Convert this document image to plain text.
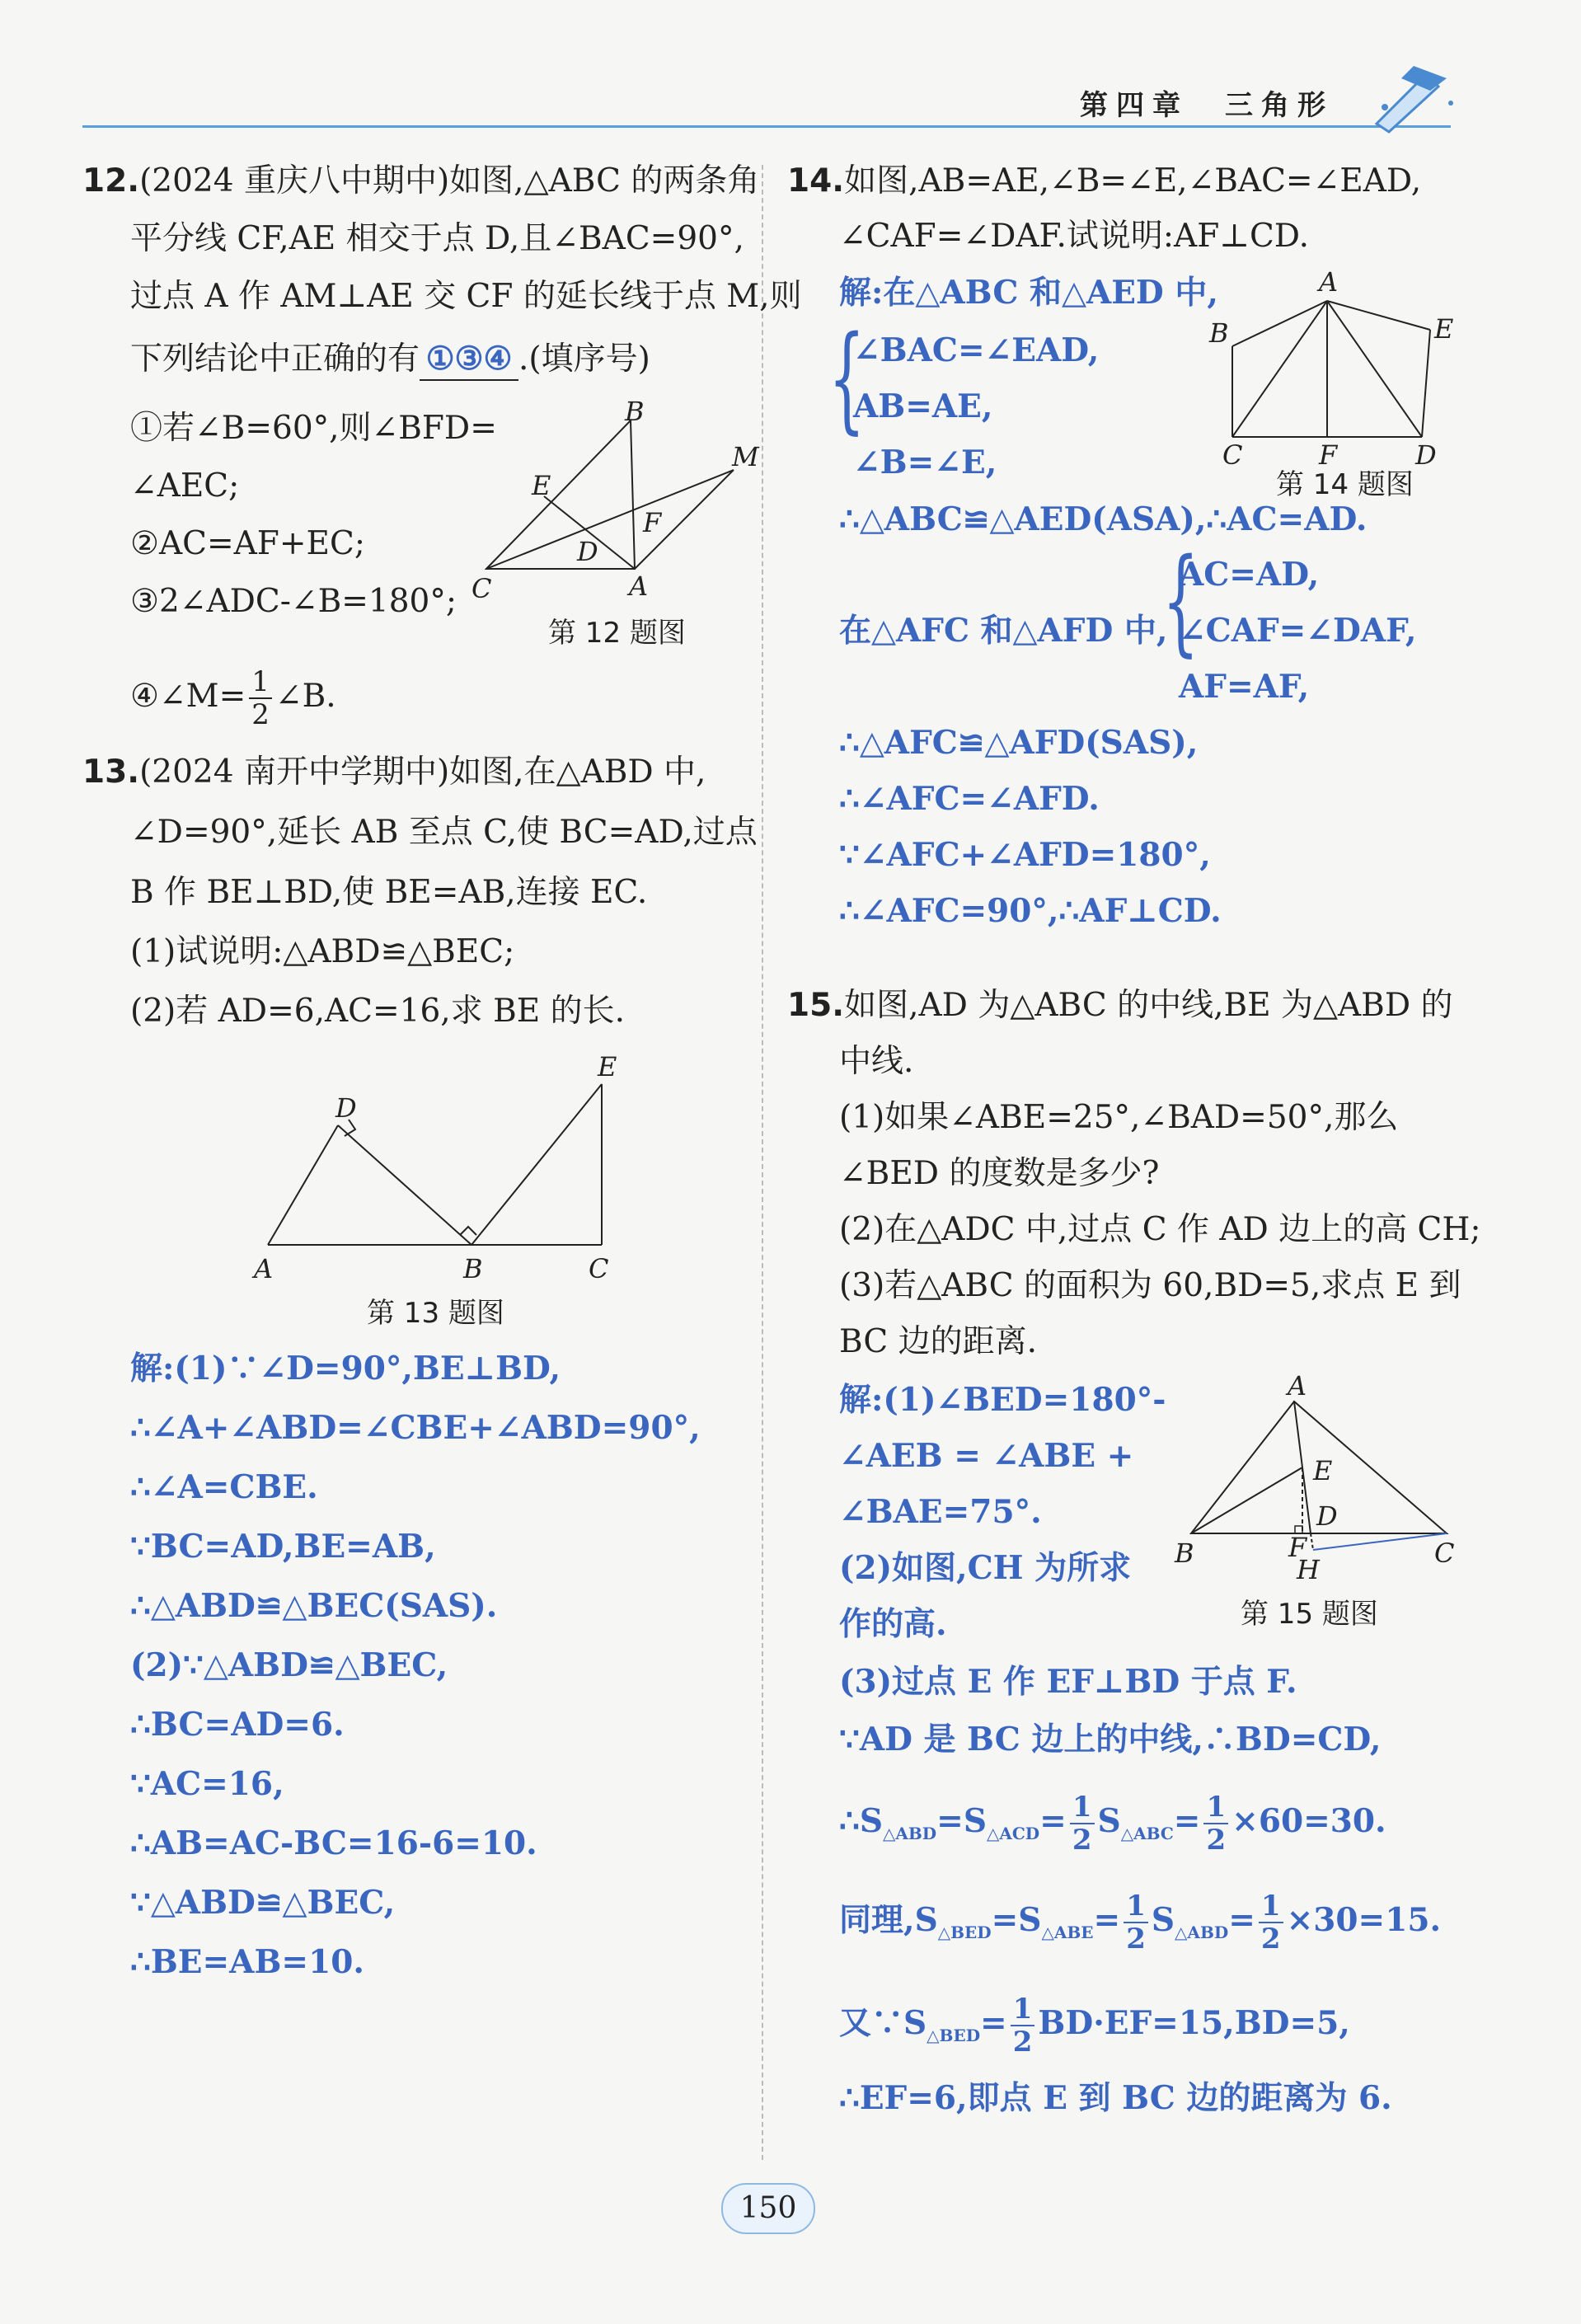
第四章　三角形
12.(2024 重庆八中期中)如图,△ABC 的两条角
平分线 CF,AE 相交于点 D,且∠BAC=90°,
过点 A 作 AM⊥AE 交 CF 的延长线于点 M,则
下列结论中正确的有 ①③④ .(填序号)
①若∠B=60°,则∠BFD=
∠AEC;
②AC=AF+EC;
③2∠ADC-∠B=180°;
④∠M= $\frac{1}{2}$ ∠B.
C	A
B
E
D
F
M
第 12 题图
13.(2024 南开中学期中)如图,在△ABD 中,
∠D=90°,延长 AB 至点 C,使 BC=AD,过点
B 作 BE⊥BD,使 BE=AB,连接 EC.
(1)试说明:△ABD≌△BEC;
(2)若 AD=6,AC=16,求 BE 的长.
A	B	C
D
E
第 13 题图
解:(1)∵∠D=90°,BE⊥BD,
∴∠A+∠ABD=∠CBE+∠ABD=90°,
∴∠A=CBE.
∵BC=AD,BE=AB,
∴△ABD≌△BEC(SAS).
(2)∵△ABD≌△BEC,
∴BC=AD=6.
∵AC=16,
∴AB=AC-BC=16-6=10.
∵△ABD≌△BEC,
∴BE=AB=10.
14.如图,AB=AE,∠B=∠E,∠BAC=∠EAD,
∠CAF=∠DAF.试说明:AF⊥CD.
解:在△ABC 和△AED 中,
{
∠BAC=∠EAD,
AB=AE,
∠B=∠E,
A
B	E
C	F	D
第 14 题图
∴△ABC≌△AED(ASA),∴AC=AD.
在△AFC 和△AFD 中,
{
AC=AD,
∠CAF=∠DAF,
AF=AF,
∴△AFC≌△AFD(SAS),
∴∠AFC=∠AFD.
∵∠AFC+∠AFD=180°,
∴∠AFC=90°,∴AF⊥CD.
15.如图,AD 为△ABC 的中线,BE 为△ABD 的
中线.
(1)如果∠ABE=25°,∠BAD=50°,那么
∠BED 的度数是多少?
(2)在△ADC 中,过点 C 作 AD 边上的高 CH;
(3)若△ABC 的面积为 60,BD=5,求点 E 到
BC 边的距离.
解:(1)∠BED=180°-
∠AEB = ∠ABE +
∠BAE=75°.
(2)如图,CH 为所求
作的高.
A
B	C
E
D
F
H
第 15 题图
(3)过点 E 作 EF⊥BD 于点 F.
∵AD 是 BC 边上的中线,∴BD=CD,
$\therefore S_{\triangle ABD}=S_{\triangle ACD}= \frac{1}{2} S_{\triangle ABC}= \frac{1}{2} \times 60=30$.
同理$,S_{\triangle BED}=S_{\triangle ABE}= \frac{1}{2} S_{\triangle ABD}= \frac{1}{2} \times 30=15$.
又$\because S_{\triangle BED}= \frac{1}{2} BD\cdot EF=15,BD=5$,
∴EF=6,即点 E 到 BC 边的距离为 6.
150
